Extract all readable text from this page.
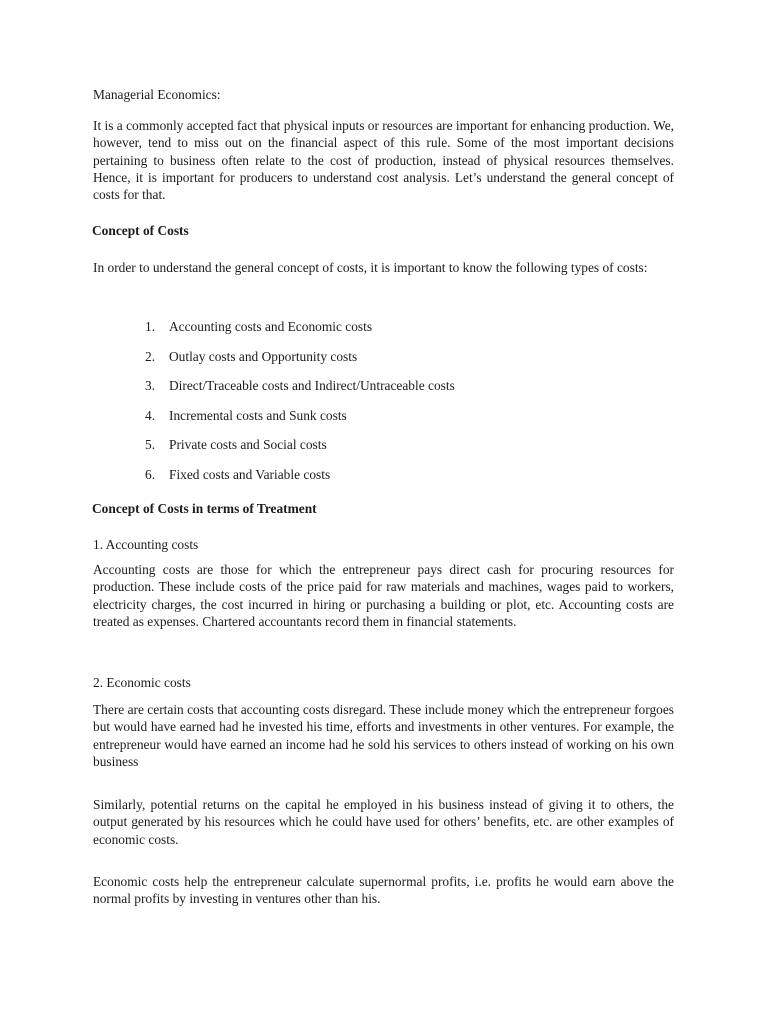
Managerial Economics:

It is a commonly accepted fact that physical inputs or resources are important for enhancing production. We, however, tend to miss out on the financial aspect of this rule. Some of the most important decisions pertaining to business often relate to the cost of production, instead of physical resources themselves. Hence, it is important for producers to understand cost analysis. Let’s understand the general concept of costs for that.

Concept of Costs

In order to understand the general concept of costs, it is important to know the following types of costs:

1. Accounting costs and Economic costs
2. Outlay costs and Opportunity costs
3. Direct/Traceable costs and Indirect/Untraceable costs
4. Incremental costs and Sunk costs
5. Private costs and Social costs
6. Fixed costs and Variable costs

Concept of Costs in terms of Treatment

1. Accounting costs

Accounting costs are those for which the entrepreneur pays direct cash for procuring resources for production. These include costs of the price paid for raw materials and machines, wages paid to workers, electricity charges, the cost incurred in hiring or purchasing a building or plot, etc. Accounting costs are treated as expenses. Chartered accountants record them in financial statements.

2. Economic costs

There are certain costs that accounting costs disregard. These include money which the entrepreneur forgoes but would have earned had he invested his time, efforts and investments in other ventures. For example, the entrepreneur would have earned an income had he sold his services to others instead of working on his own business

Similarly, potential returns on the capital he employed in his business instead of giving it to others, the output generated by his resources which he could have used for others’ benefits, etc. are other examples of economic costs.

Economic costs help the entrepreneur calculate supernormal profits, i.e. profits he would earn above the normal profits by investing in ventures other than his.
